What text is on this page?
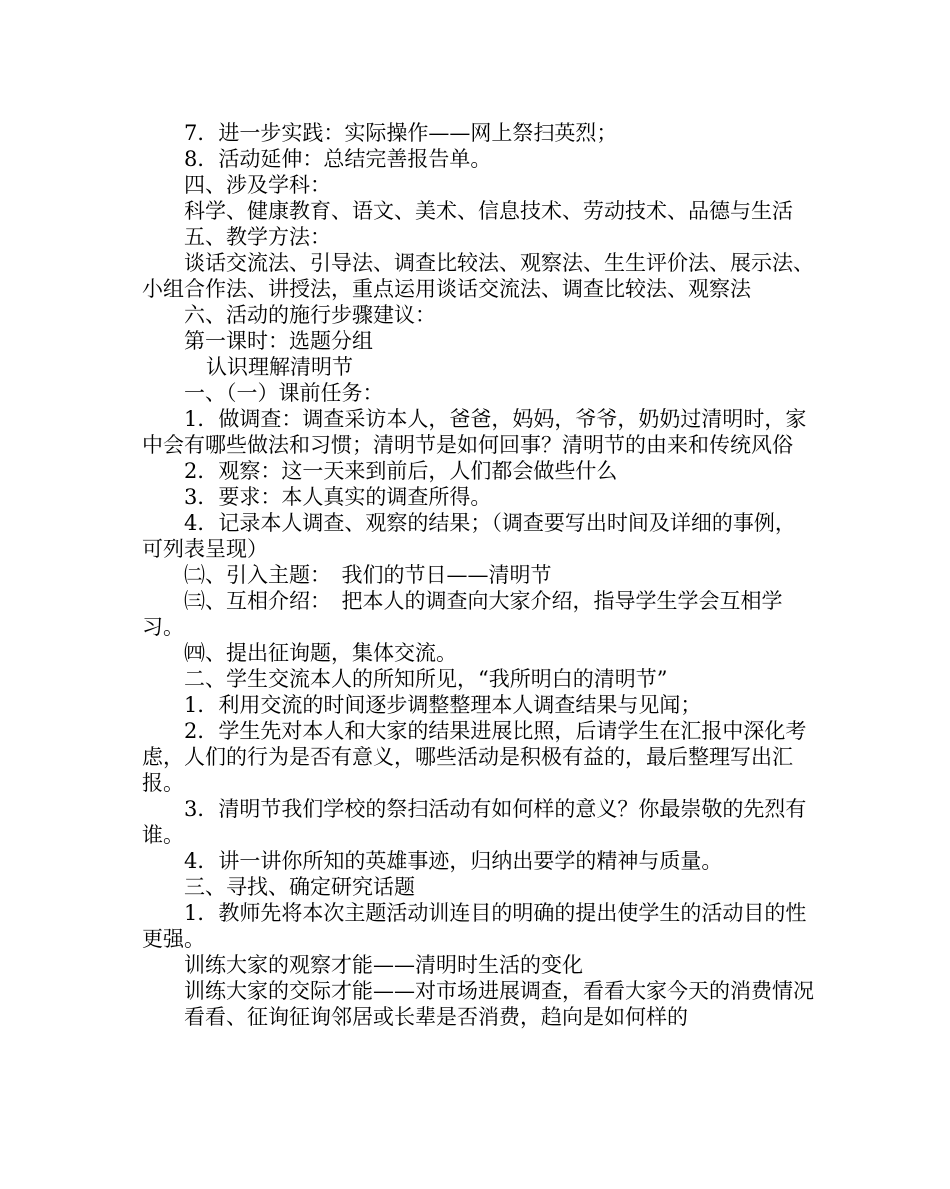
7．进一步实践：实际操作——网上祭扫英烈；

8．活动延伸：总结完善报告单。

四、涉及学科：

科学、健康教育、语文、美术、信息技术、劳动技术、品德与生活

五、教学方法：

谈话交流法、引导法、调查比较法、观察法、生生评价法、展示法、小组合作法、讲授法，重点运用谈话交流法、调查比较法、观察法

六、活动的施行步骤建议：

第一课时：选题分组

认识理解清明节

一、（一）课前任务：

1．做调查：调查采访本人，爸爸，妈妈，爷爷，奶奶过清明时，家中会有哪些做法和习惯；清明节是如何回事？清明节的由来和传统风俗

2．观察：这一天来到前后，人们都会做些什么

3．要求：本人真实的调查所得。

4．记录本人调查、观察的结果；（调查要写出时间及详细的事例，可列表呈现）

㈡、引入主题：　我们的节日——清明节

㈢、互相介绍：　把本人的调查向大家介绍，指导学生学会互相学习。

㈣、提出征询题，集体交流。

二、学生交流本人的所知所见，“我所明白的清明节”

1．利用交流的时间逐步调整整理本人调查结果与见闻；

2．学生先对本人和大家的结果进展比照，后请学生在汇报中深化考虑，人们的行为是否有意义，哪些活动是积极有益的，最后整理写出汇报。

3．清明节我们学校的祭扫活动有如何样的意义？你最崇敬的先烈有谁。

4．讲一讲你所知的英雄事迹，归纳出要学的精神与质量。

三、寻找、确定研究话题

1．教师先将本次主题活动训连目的明确的提出使学生的活动目的性更强。

训练大家的观察才能——清明时生活的变化

训练大家的交际才能——对市场进展调查，看看大家今天的消费情况

看看、征询征询邻居或长辈是否消费，趋向是如何样的
